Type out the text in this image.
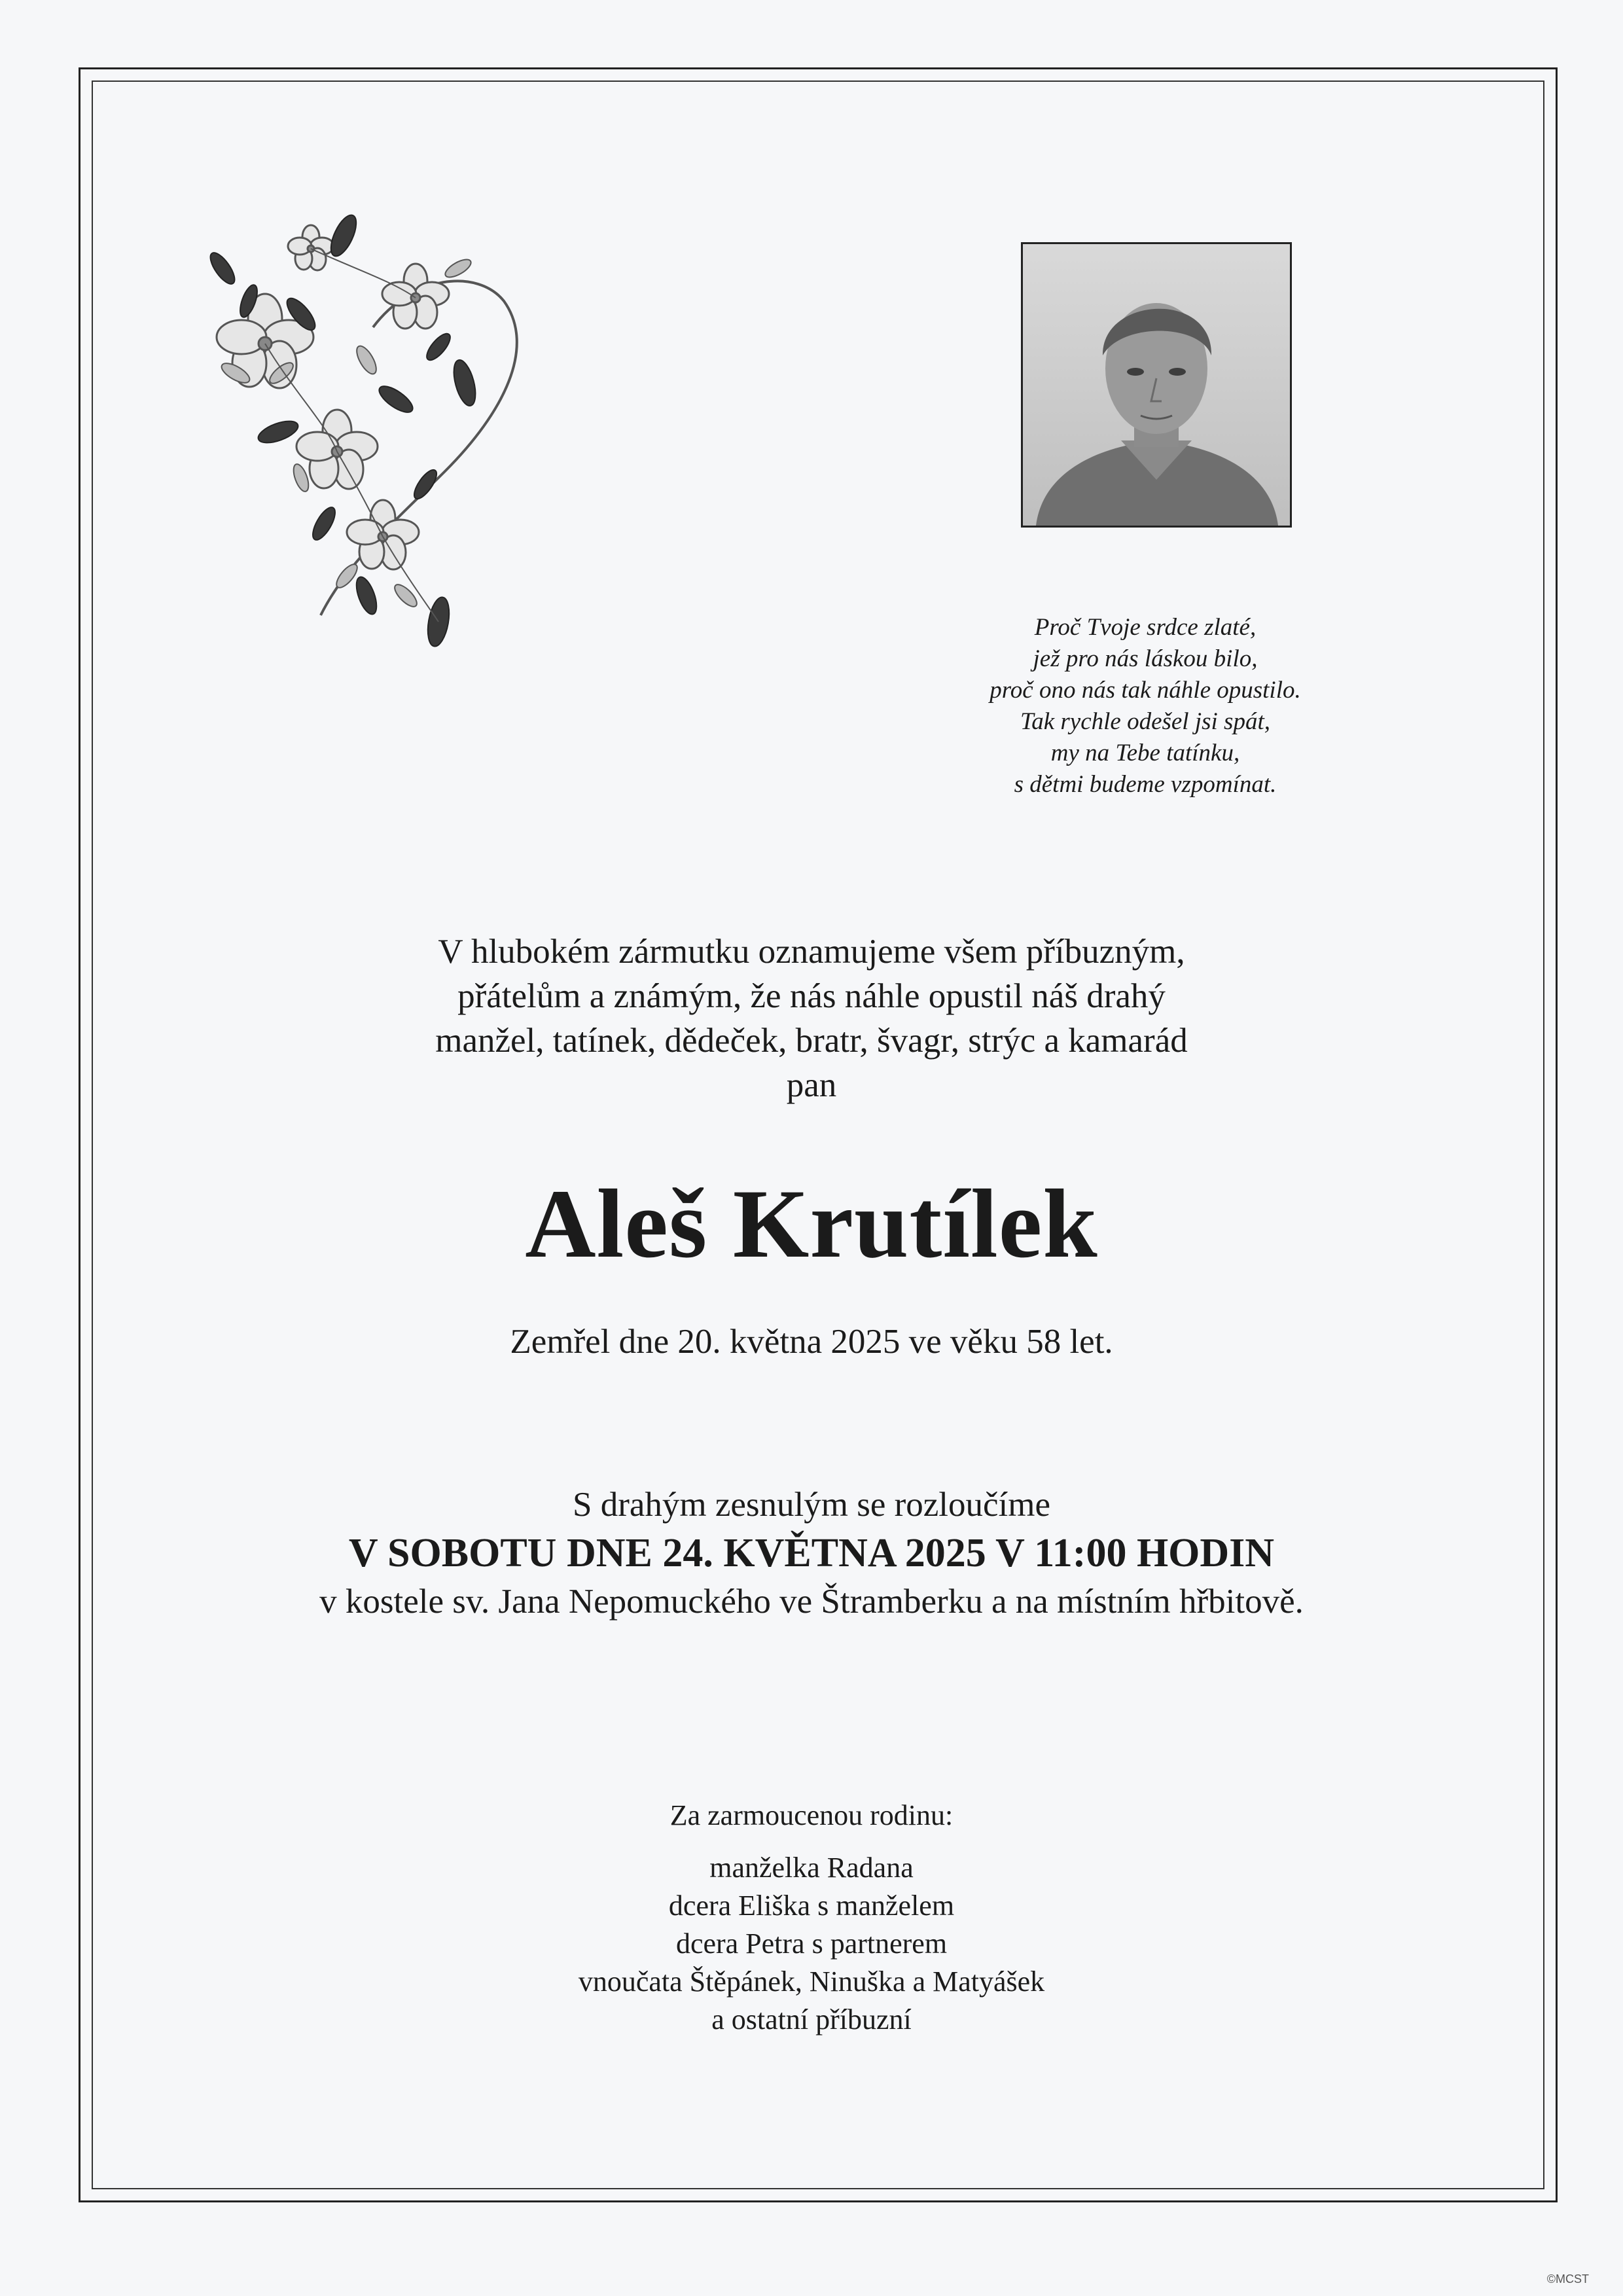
Proč Tvoje srdce zlaté,
jež pro nás láskou bilo,
proč ono nás tak náhle opustilo.
Tak rychle odešel jsi spát,
my na Tebe tatínku,
s dětmi budeme vzpomínat.
V hlubokém zármutku oznamujeme všem příbuzným,
přátelům a známým, že nás náhle opustil náš drahý
manžel, tatínek, dědeček, bratr, švagr, strýc a kamarád
pan
Aleš Krutílek
Zemřel dne 20. května 2025 ve věku 58 let.
S drahým zesnulým se rozloučíme
V SOBOTU DNE 24. KVĚTNA 2025 V 11:00 HODIN
v kostele sv. Jana Nepomuckého ve Štramberku a na místním hřbitově.
Za zarmoucenou rodinu:
manželka Radana
dcera Eliška s manželem
dcera Petra s partnerem
vnoučata Štěpánek, Ninuška a Matyášek
a ostatní příbuzní
©MCST
